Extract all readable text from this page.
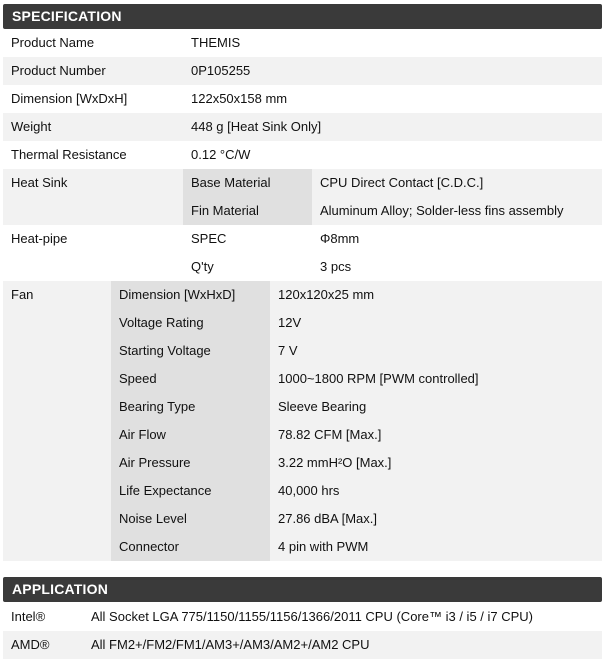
SPECIFICATION
Product Name	THEMIS
Product Number	0P105255
Dimension [WxDxH]	122x50x158 mm
Weight	448 g [Heat Sink Only]
Thermal Resistance	0.12 °C/W
Heat Sink	Base Material	CPU Direct Contact [C.D.C.]
Fin Material	Aluminum Alloy; Solder-less fins assembly
Heat-pipe	SPEC	Φ8mm
Q'ty	3 pcs
Fan	Dimension [WxHxD]	120x120x25 mm
Voltage Rating	12V
Starting Voltage	7 V
Speed	1000~1800 RPM [PWM controlled]
Bearing Type	Sleeve Bearing
Air Flow	78.82 CFM [Max.]
Air Pressure	3.22 mmH²O [Max.]
Life Expectance	40,000 hrs
Noise Level	27.86 dBA [Max.]
Connector	4 pin with PWM
APPLICATION
Intel®	All Socket LGA 775/1150/1155/1156/1366/2011 CPU (Core™ i3 / i5 / i7 CPU)
AMD®	All FM2+/FM2/FM1/AM3+/AM3/AM2+/AM2 CPU
